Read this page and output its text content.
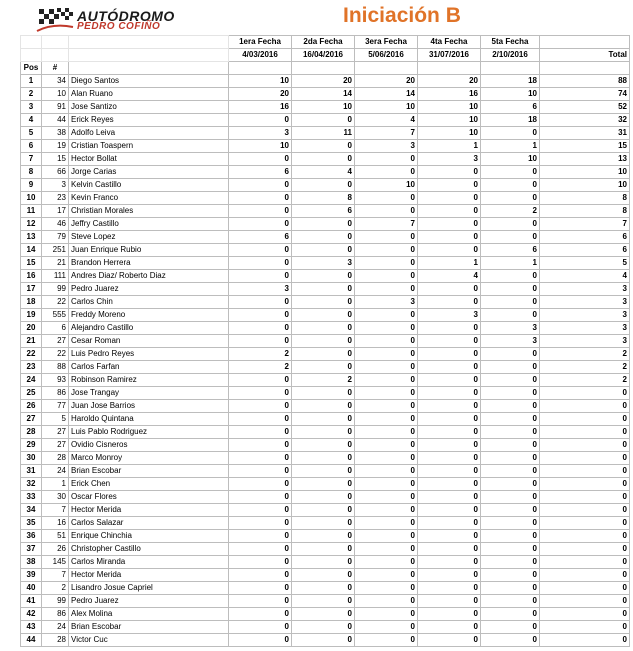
AUTÓDROMO
PEDRO COFIÑO	Iniciación B
			1era Fecha	2da Fecha	3era Fecha	4ta Fecha	5ta Fecha	
			4/03/2016	16/04/2016	5/06/2016	31/07/2016	2/10/2016	Total
Pos	#							
1	34	Diego Santos	10	20	20	20	18	88
2	10	Alan Ruano	20	14	14	16	10	74
3	91	Jose Santizo	16	10	10	10	6	52
4	44	Erick Reyes	0	0	4	10	18	32
5	38	Adolfo Leiva	3	11	7	10	0	31
6	19	Cristian Toaspern	10	0	3	1	1	15
7	15	Hector Bollat	0	0	0	3	10	13
8	66	Jorge Carias	6	4	0	0	0	10
9	3	Kelvin Castillo	0	0	10	0	0	10
10	23	Kevin Franco	0	8	0	0	0	8
11	17	Christian Morales	0	6	0	0	2	8
12	46	Jeffry Castillo	0	0	7	0	0	7
13	79	Steve Lopez	6	0	0	0	0	6
14	251	Juan Enrique Rubio	0	0	0	0	6	6
15	21	Brandon Herrera	0	3	0	1	1	5
16	111	Andres Diaz/ Roberto Diaz	0	0	0	4	0	4
17	99	Pedro Juarez	3	0	0	0	0	3
18	22	Carlos Chin	0	0	3	0	0	3
19	555	Freddy Moreno	0	0	0	3	0	3
20	6	Alejandro Castillo	0	0	0	0	3	3
21	27	Cesar Roman	0	0	0	0	3	3
22	22	Luis Pedro Reyes	2	0	0	0	0	2
23	88	Carlos Farfan	2	0	0	0	0	2
24	93	Robinson Ramirez	0	2	0	0	0	2
25	86	Jose Trangay	0	0	0	0	0	0
26	77	Juan Jose Barrios	0	0	0	0	0	0
27	5	Haroldo Quintana	0	0	0	0	0	0
28	27	Luis Pablo Rodriguez	0	0	0	0	0	0
29	27	Ovidio Cisneros	0	0	0	0	0	0
30	28	Marco Monroy	0	0	0	0	0	0
31	24	Brian Escobar	0	0	0	0	0	0
32	1	Erick Chen	0	0	0	0	0	0
33	30	Oscar Flores	0	0	0	0	0	0
34	7	Hector Merida	0	0	0	0	0	0
35	16	Carlos Salazar	0	0	0	0	0	0
36	51	Enrique Chinchia	0	0	0	0	0	0
37	26	Christopher Castillo	0	0	0	0	0	0
38	145	Carlos Miranda	0	0	0	0	0	0
39	7	Hector Merida	0	0	0	0	0	0
40	2	Lisandro Josue Capriel	0	0	0	0	0	0
41	99	Pedro Juarez	0	0	0	0	0	0
42	86	Alex Molina	0	0	0	0	0	0
43	24	Brian Escobar	0	0	0	0	0	0
44	28	Victor Cuc	0	0	0	0	0	0
